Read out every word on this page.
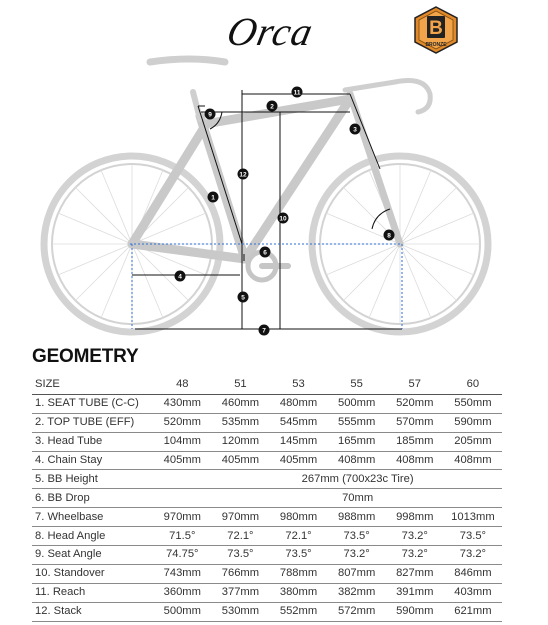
Orca	B
BRONZE
1
2
3
4
5
6
7
8
9
10
11
12
GEOMETRY
SIZE	48	51	53	55	57	60
1. SEAT TUBE (C-C)	430mm	460mm	480mm	500mm	520mm	550mm
2. TOP TUBE (EFF)	520mm	535mm	545mm	555mm	570mm	590mm
3. Head Tube	104mm	120mm	145mm	165mm	185mm	205mm
4. Chain Stay	405mm	405mm	405mm	408mm	408mm	408mm
5. BB Height	267mm (700x23c Tire)					
6. BB Drop	70mm					
7. Wheelbase	970mm	970mm	980mm	988mm	998mm	1013mm
8. Head Angle	71.5°	72.1°	72.1°	73.5°	73.2°	73.5°
9. Seat Angle	74.75°	73.5°	73.5°	73.2°	73.2°	73.2°
10. Standover	743mm	766mm	788mm	807mm	827mm	846mm
11. Reach	360mm	377mm	380mm	382mm	391mm	403mm
12. Stack	500mm	530mm	552mm	572mm	590mm	621mm
